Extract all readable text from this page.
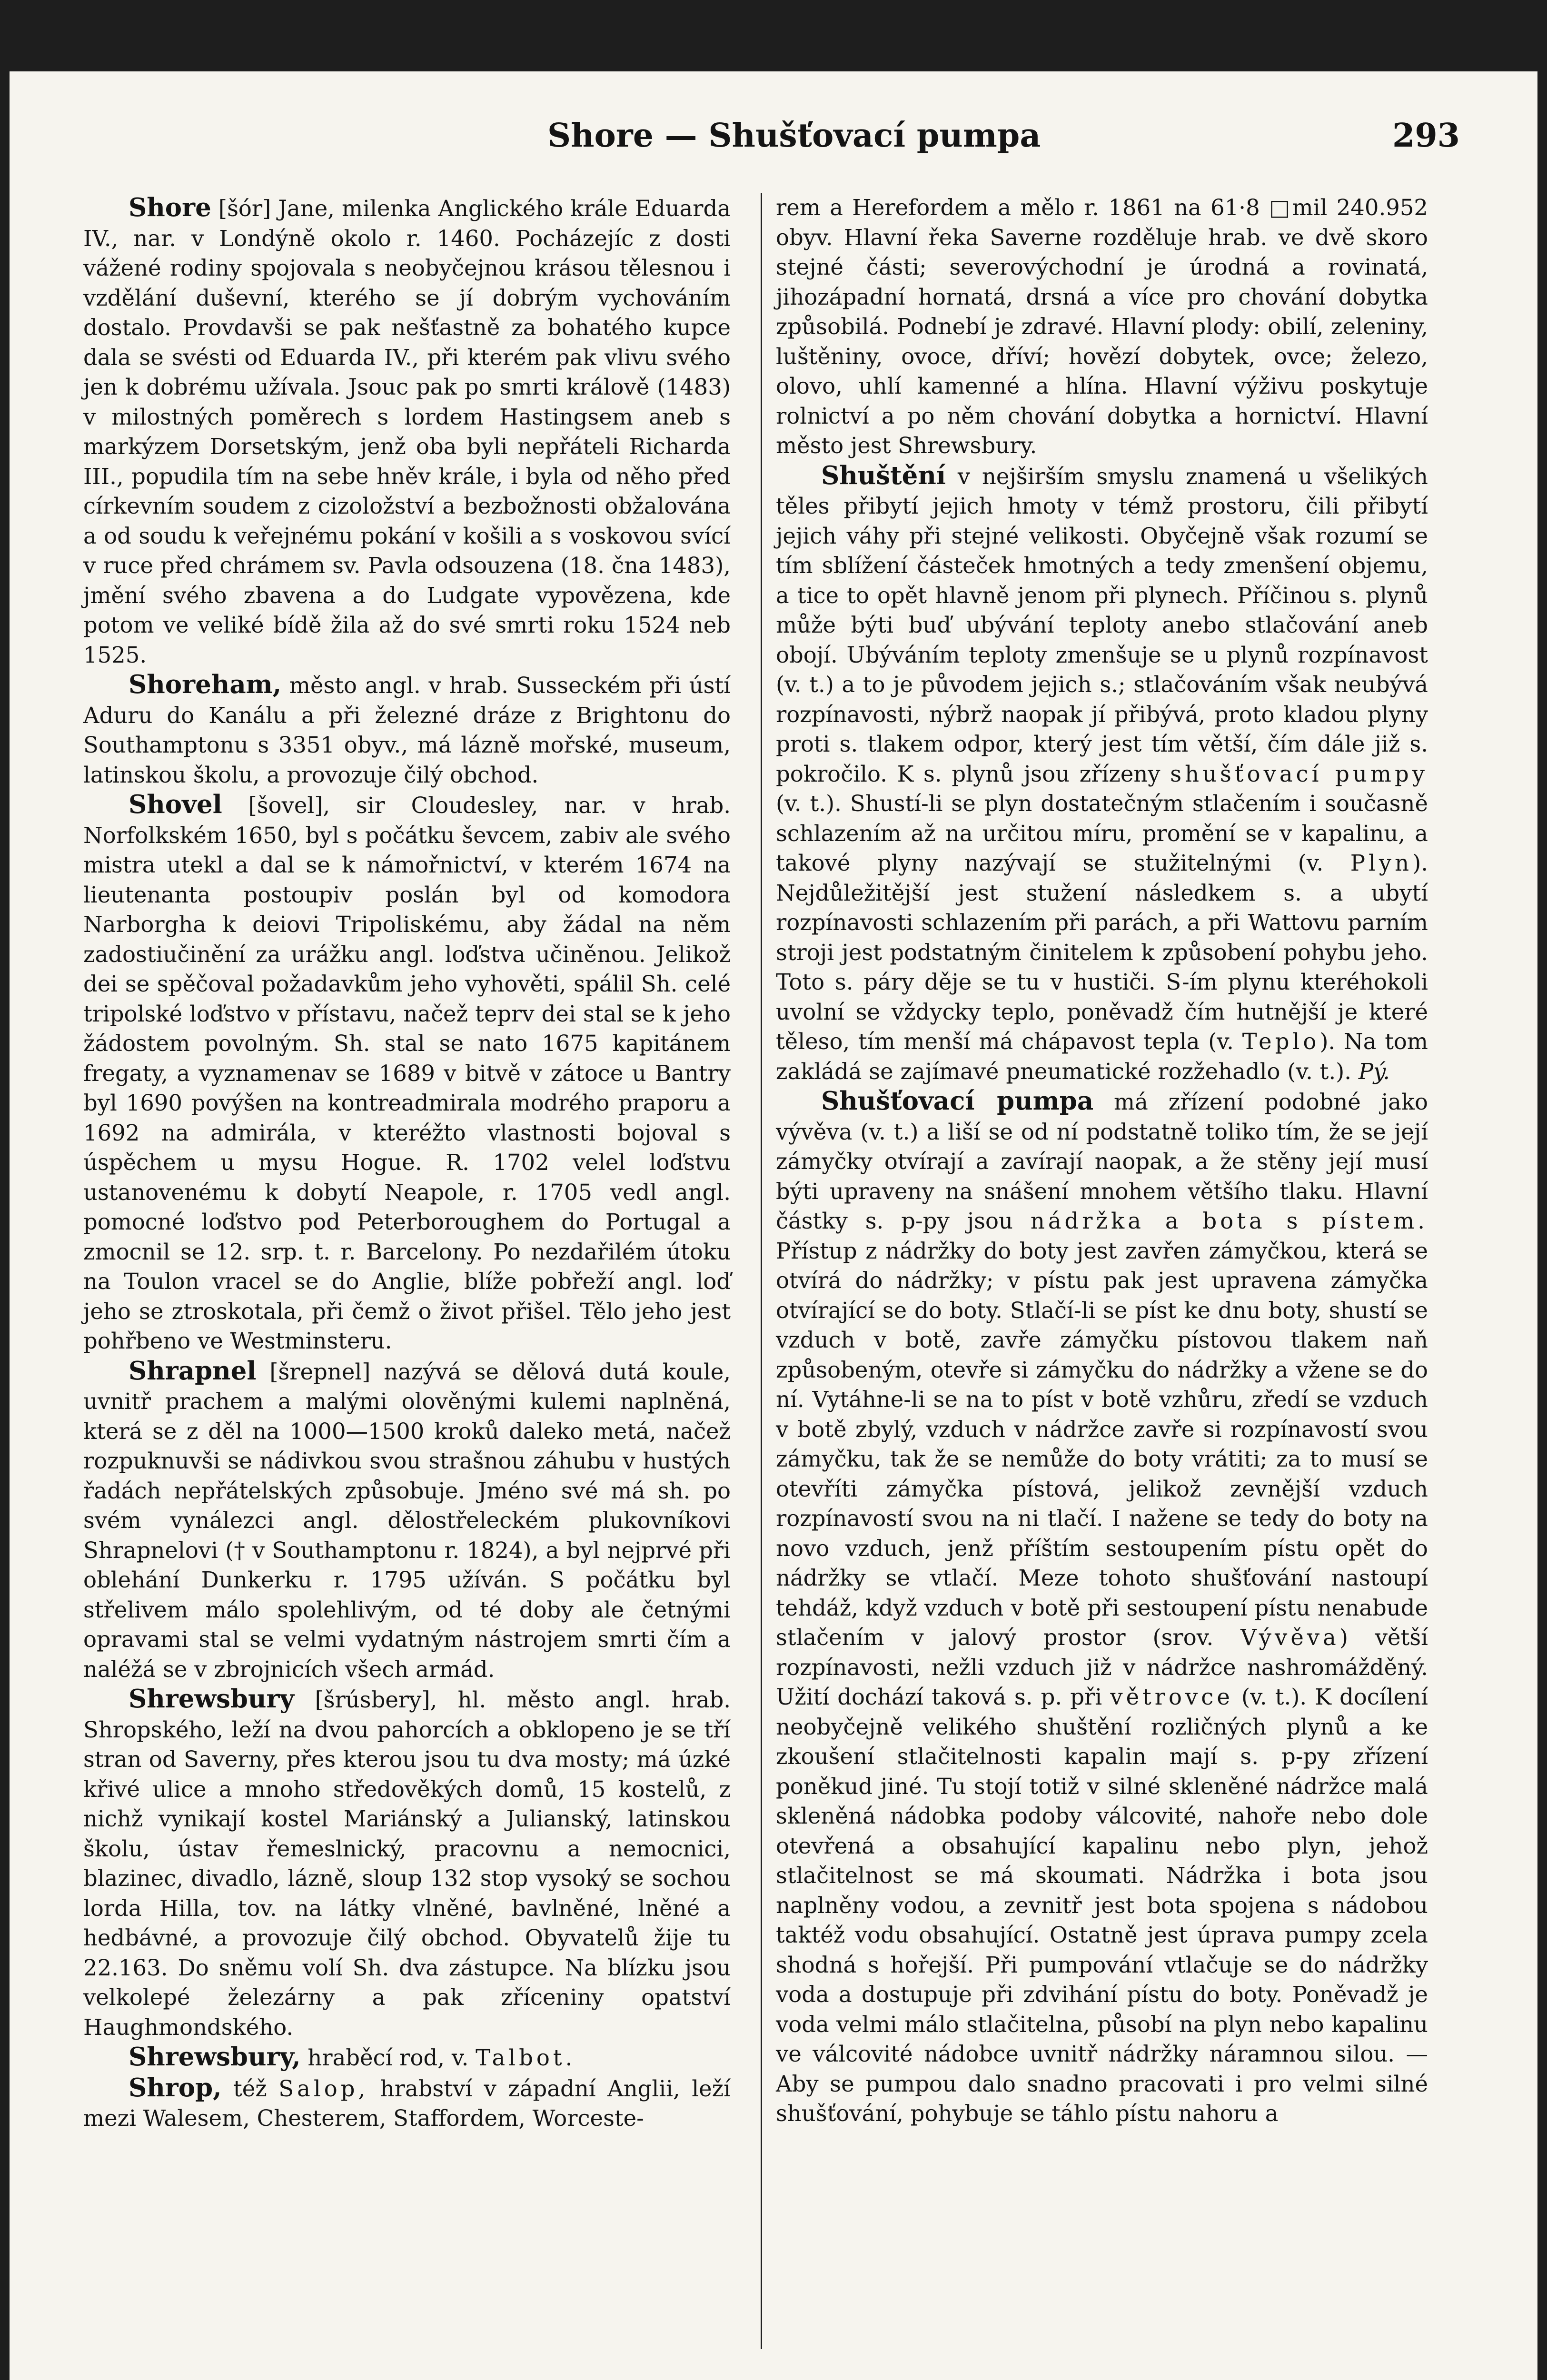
Shore — Shušťovací pumpa	293

Shore [šór] Jane, milenka Anglického krále Eduarda IV., nar. v Londýně okolo r. 1460. Pocházejíc z dosti vážené rodiny spojovala s neobyčejnou krásou tělesnou i vzdělání duševní, kterého se jí dobrým vychováním dostalo. Provdavši se pak nešťastně za bohatého kupce dala se svésti od Eduarda IV., při kterém pak vlivu svého jen k dobrému užívala. Jsouc pak po smrti králově (1483) v milostných poměrech s lordem Hastingsem aneb s markýzem Dorsetským, jenž oba byli nepřáteli Richarda III., popudila tím na sebe hněv krále, i byla od něho před církevním soudem z cizoložství a bezbožnosti obžalována a od soudu k veřejnému pokání v košili a s voskovou svící v ruce před chrámem sv. Pavla odsouzena (18. čna 1483), jmění svého zbavena a do Ludgate vypovězena, kde potom ve veliké bídě žila až do své smrti roku 1524 neb 1525.

Shoreham, město angl. v hrab. Susseckém při ústí Aduru do Kanálu a při železné dráze z Brightonu do Southamptonu s 3351 obyv., má lázně mořské, museum, latinskou školu, a provozuje čilý obchod.

Shovel [šovel], sir Cloudesley, nar. v hrab. Norfolkském 1650, byl s počátku ševcem, zabiv ale svého mistra utekl a dal se k námořnictví, v kterém 1674 na lieutenanta postoupiv poslán byl od komodora Narborgha k deiovi Tripoliskému, aby žádal na něm zadostiučinění za urážku angl. loďstva učiněnou. Jelikož dei se spěčoval požadavkům jeho vyhověti, spálil Sh. celé tripolské loďstvo v přístavu, načež teprv dei stal se k jeho žádostem povolným. Sh. stal se nato 1675 kapitánem fregaty, a vyznamenav se 1689 v bitvě v zátoce u Bantry byl 1690 povýšen na kontreadmirala modrého praporu a 1692 na admirála, v kteréžto vlastnosti bojoval s úspěchem u mysu Hogue. R. 1702 velel loďstvu ustanovenému k dobytí Neapole, r. 1705 vedl angl. pomocné loďstvo pod Peterboroughem do Portugal a zmocnil se 12. srp. t. r. Barcelony. Po nezdařilém útoku na Toulon vracel se do Anglie, blíže pobřeží angl. loď jeho se ztroskotala, při čemž o život přišel. Tělo jeho jest pohřbeno ve Westminsteru.

Shrapnel [šrepnel] nazývá se dělová dutá koule, uvnitř prachem a malými olověnými kulemi naplněná, která se z děl na 1000—1500 kroků daleko metá, načež rozpuknuvši se nádivkou svou strašnou záhubu v hustých řadách nepřátelských způsobuje. Jméno své má sh. po svém vynálezci angl. dělostřeleckém plukovníkovi Shrapnelovi († v Southamptonu r. 1824), a byl nejprvé při oblehání Dunkerku r. 1795 užíván. S počátku byl střelivem málo spolehlivým, od té doby ale četnými opravami stal se velmi vydatným nástrojem smrti čím a naléžá se v zbrojnicích všech armád.

Shrewsbury [šrúsbery], hl. město angl. hrab. Shropského, leží na dvou pahorcích a obklopeno je se tří stran od Saverny, přes kterou jsou tu dva mosty; má úzké křivé ulice a mnoho středověkých domů, 15 kostelů, z nichž vynikají kostel Mariánský a Julianský, latinskou školu, ústav řemeslnický, pracovnu a nemocnici, blazinec, divadlo, lázně, sloup 132 stop vysoký se sochou lorda Hilla, tov. na látky vlněné, bavlněné, lněné a hedbávné, a provozuje čilý obchod. Obyvatelů žije tu 22.163. Do sněmu volí Sh. dva zástupce. Na blízku jsou velkolepé železárny a pak zříceniny opatství Haughmondského.

Shrewsbury, hraběcí rod, v. Talbot.

Shrop, též Salop, hrabství v západní Anglii, leží mezi Walesem, Chesterem, Staffordem, Worceste-

rem a Herefordem a mělo r. 1861 na 61·8 □mil 240.952 obyv. Hlavní řeka Saverne rozděluje hrab. ve dvě skoro stejné části; severovýchodní je úrodná a rovinatá, jihozápadní hornatá, drsná a více pro chování dobytka způsobilá. Podnebí je zdravé. Hlavní plody: obilí, zeleniny, luštěniny, ovoce, dříví; hovězí dobytek, ovce; železo, olovo, uhlí kamenné a hlína. Hlavní výživu poskytuje rolnictví a po něm chování dobytka a hornictví. Hlavní město jest Shrewsbury.

Shuštění v nejširším smyslu znamená u všelikých těles přibytí jejich hmoty v témž prostoru, čili přibytí jejich váhy při stejné velikosti. Obyčejně však rozumí se tím sblížení částeček hmotných a tedy zmenšení objemu, a tice to opět hlavně jenom při plynech. Příčinou s. plynů může býti buď ubývání teploty anebo stlačování aneb obojí. Ubýváním teploty zmenšuje se u plynů rozpínavost (v. t.) a to je původem jejich s.; stlačováním však neubývá rozpínavosti, nýbrž naopak jí přibývá, proto kladou plyny proti s. tlakem odpor, který jest tím větší, čím dále již s. pokročilo. K s. plynů jsou zřízeny shušťovací pumpy (v. t.). Shustí-li se plyn dostatečným stlačením i současně schlazením až na určitou míru, promění se v kapalinu, a takové plyny nazývají se stužitelnými (v. Plyn). Nejdůležitější jest stužení následkem s. a ubytí rozpínavosti schlazením při parách, a při Wattovu parním stroji jest podstatným činitelem k způsobení pohybu jeho. Toto s. páry děje se tu v hustiči. S-ím plynu kteréhokoli uvolní se vždycky teplo, poněvadž čím hutnější je které těleso, tím menší má chápavost tepla (v. Teplo). Na tom zakládá se zajímavé pneumatické rozžehadlo (v. t.). Pý.

Shušťovací pumpa má zřízení podobné jako vývěva (v. t.) a liší se od ní podstatně toliko tím, že se její zámyčky otvírají a zavírají naopak, a že stěny její musí býti upraveny na snášení mnohem většího tlaku. Hlavní částky s. p-py jsou nádržka a bota s pístem. Přístup z nádržky do boty jest zavřen zámyčkou, která se otvírá do nádržky; v pístu pak jest upravena zámyčka otvírající se do boty. Stlačí-li se píst ke dnu boty, shustí se vzduch v botě, zavře zámyčku pístovou tlakem naň způsobeným, otevře si zámyčku do nádržky a vžene se do ní. Vytáhne-li se na to píst v botě vzhůru, zředí se vzduch v botě zbylý, vzduch v nádržce zavře si rozpínavostí svou zámyčku, tak že se nemůže do boty vrátiti; za to musí se otevříti zámyčka pístová, jelikož zevnější vzduch rozpínavostí svou na ni tlačí. I nažene se tedy do boty na novo vzduch, jenž příštím sestoupením pístu opět do nádržky se vtlačí. Meze tohoto shušťování nastoupí tehdáž, když vzduch v botě při sestoupení pístu nenabude stlačením v jalový prostor (srov. Vývěva) větší rozpínavosti, nežli vzduch již v nádržce nashromážděný. Užití dochází taková s. p. při větrovce (v. t.). K docílení neobyčejně velikého shuštění rozličných plynů a ke zkoušení stlačitelnosti kapalin mají s. p-py zřízení poněkud jiné. Tu stojí totiž v silné skleněné nádržce malá skleněná nádobka podoby válcovité, nahoře nebo dole otevřená a obsahující kapalinu nebo plyn, jehož stlačitelnost se má skoumati. Nádržka i bota jsou naplněny vodou, a zevnitř jest bota spojena s nádobou taktéž vodu obsahující. Ostatně jest úprava pumpy zcela shodná s hořejší. Při pumpování vtlačuje se do nádržky voda a dostupuje při zdvihání pístu do boty. Poněvadž je voda velmi málo stlačitelna, působí na plyn nebo kapalinu ve válcovité nádobce uvnitř nádržky náramnou silou. — Aby se pumpou dalo snadno pracovati i pro velmi silné shušťování, pohybuje se táhlo pístu nahoru a
